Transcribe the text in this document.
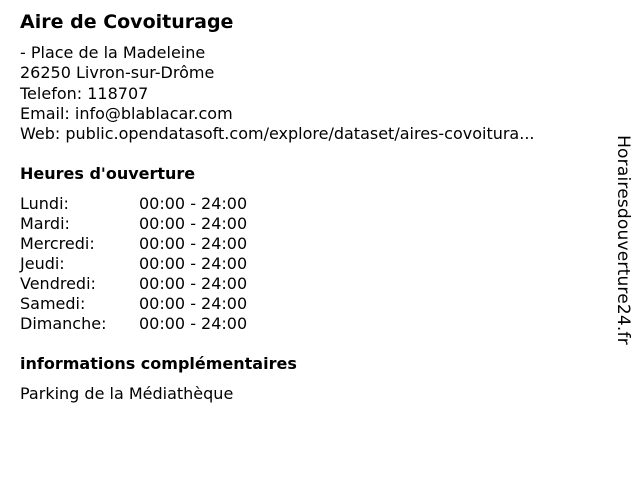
Aire de Covoiturage
- Place de la Madeleine
26250 Livron-sur-Drôme
Telefon: 118707
Email: info@blablacar.com
Web: public.opendatasoft.com/explore/dataset/aires-covoitura...
Heures d'ouverture
Lundi:	00:00 - 24:00
Mardi:	00:00 - 24:00
Mercredi:	00:00 - 24:00
Jeudi:	00:00 - 24:00
Vendredi:	00:00 - 24:00
Samedi:	00:00 - 24:00
Dimanche:	00:00 - 24:00
informations complémentaires
Parking de la Médiathèque
Horairesdouverture24.fr
